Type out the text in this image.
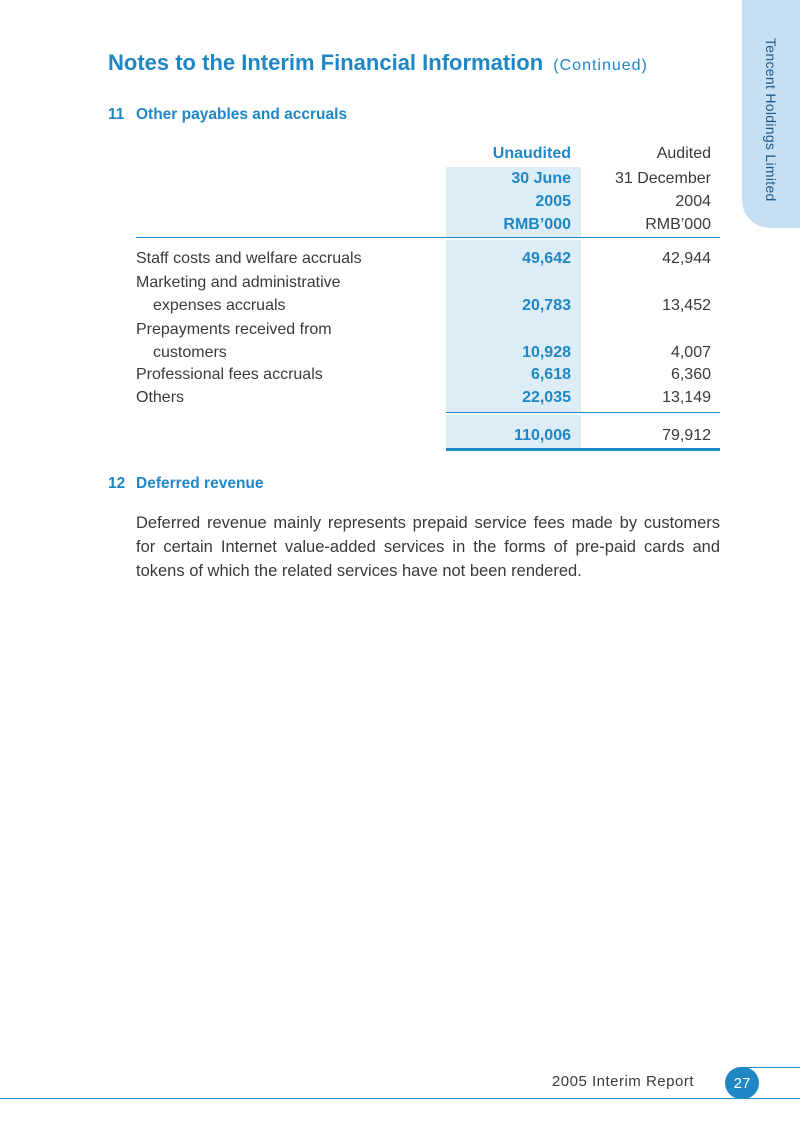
Tencent Holdings Limited
Notes to the Interim Financial Information (Continued)
11 Other payables and accruals
Unaudited	Audited
30 June	31 December
2005	2004
RMB’000	RMB’000
Staff costs and welfare accruals	49,642	42,944
Marketing and administrative
expenses accruals	20,783	13,452
Prepayments received from
customers	10,928	4,007
Professional fees accruals	6,618	6,360
Others	22,035	13,149
110,006	79,912
12 Deferred revenue

Deferred revenue mainly represents prepaid service fees made by customers for certain Internet value-added services in the forms of pre-paid cards and tokens of which the related services have not been rendered.

2005 Interim Report	27
